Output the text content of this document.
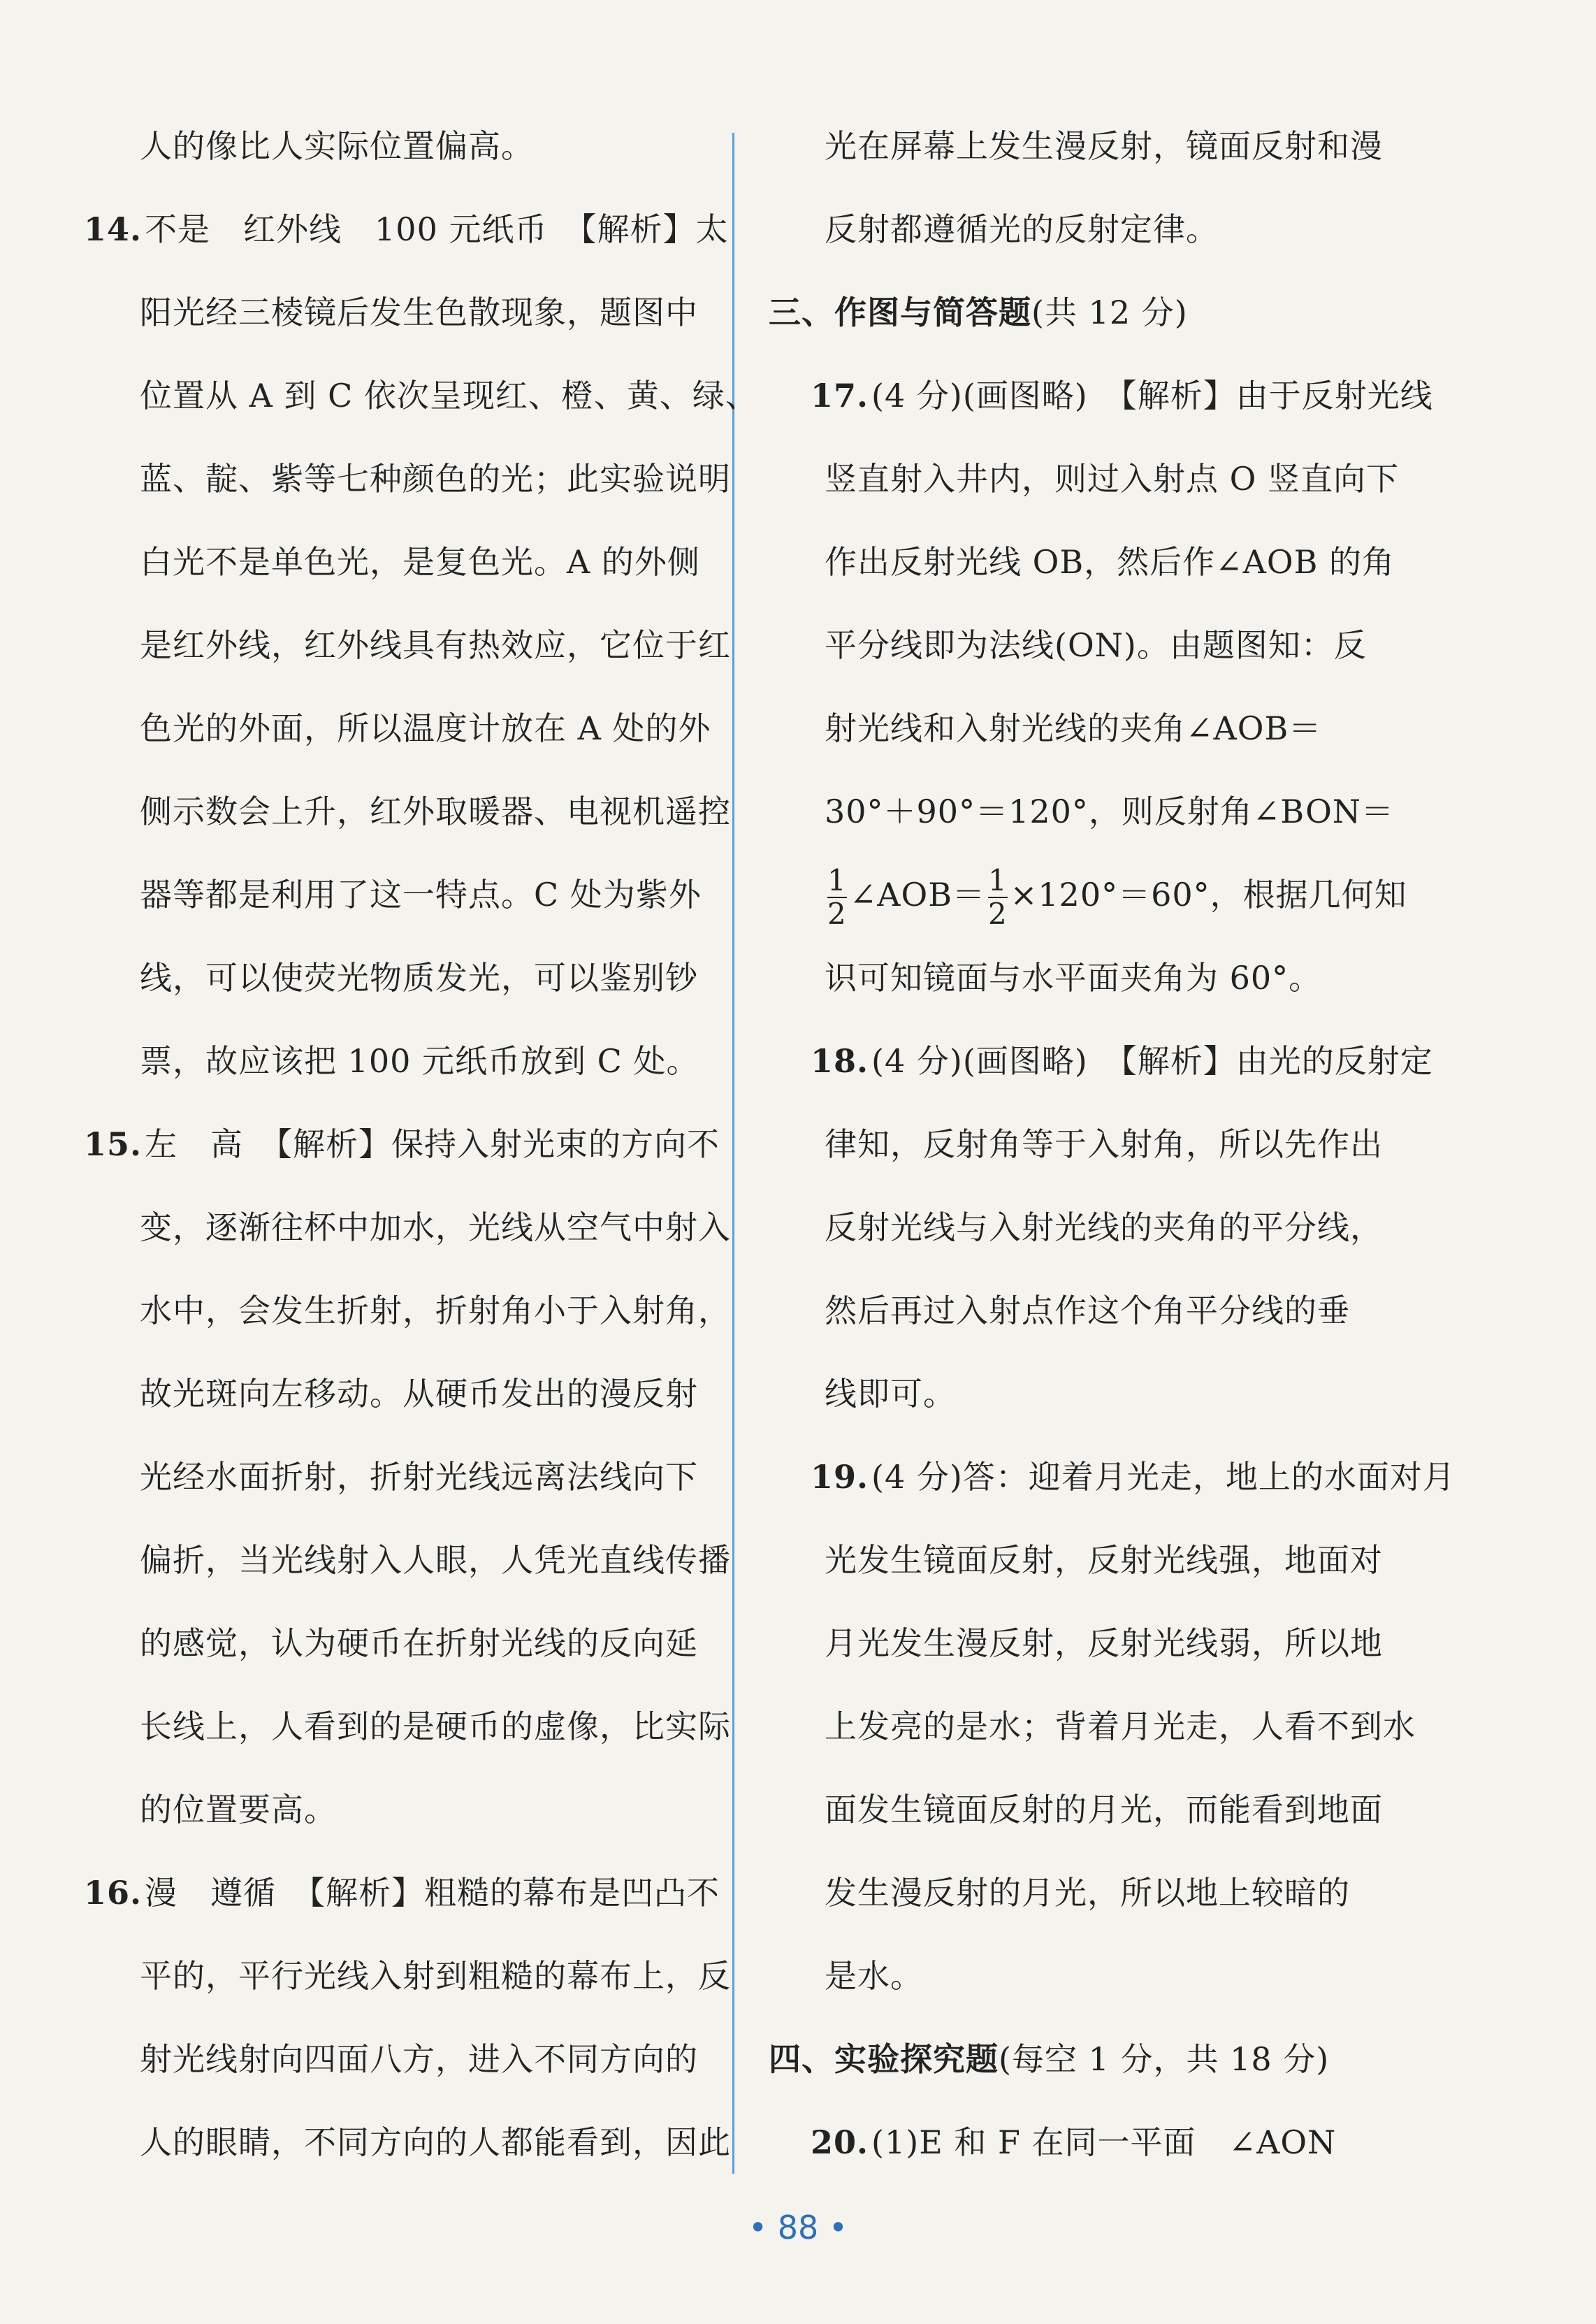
人的像比人实际位置偏高。
14.不是　红外线　100 元纸币　【解析】太
阳光经三棱镜后发生色散现象，题图中
位置从 A 到 C 依次呈现红、橙、黄、绿、
蓝、靛、紫等七种颜色的光；此实验说明
白光不是单色光，是复色光。A 的外侧
是红外线，红外线具有热效应，它位于红
色光的外面，所以温度计放在 A 处的外
侧示数会上升，红外取暖器、电视机遥控
器等都是利用了这一特点。C 处为紫外
线，可以使荧光物质发光，可以鉴别钞
票，故应该把 100 元纸币放到 C 处。
15.左　高　【解析】保持入射光束的方向不
变，逐渐往杯中加水，光线从空气中射入
水中，会发生折射，折射角小于入射角，
故光斑向左移动。从硬币发出的漫反射
光经水面折射，折射光线远离法线向下
偏折，当光线射入人眼，人凭光直线传播
的感觉，认为硬币在折射光线的反向延
长线上，人看到的是硬币的虚像，比实际
的位置要高。
16.漫　遵循　【解析】粗糙的幕布是凹凸不
平的，平行光线入射到粗糙的幕布上，反
射光线射向四面八方，进入不同方向的
人的眼睛，不同方向的人都能看到，因此
光在屏幕上发生漫反射，镜面反射和漫
反射都遵循光的反射定律。
三、作图与简答题(共 12 分)
17.(4 分)(画图略)　【解析】由于反射光线
竖直射入井内，则过入射点 O 竖直向下
作出反射光线 OB，然后作∠AOB 的角
平分线即为法线(ON)。由题图知：反
射光线和入射光线的夹角∠AOB＝
30°＋90°＝120°，则反射角∠BON＝
$\frac{1}{2}$ ∠AOB＝ $\frac{1}{2} \times 120^\circ=60^\circ$，根据几何知
识可知镜面与水平面夹角为 60°。
18.(4 分)(画图略)　【解析】由光的反射定
律知，反射角等于入射角，所以先作出
反射光线与入射光线的夹角的平分线，
然后再过入射点作这个角平分线的垂
线即可。
19.(4 分)答：迎着月光走，地上的水面对月
光发生镜面反射，反射光线强，地面对
月光发生漫反射，反射光线弱，所以地
上发亮的是水；背着月光走，人看不到水
面发生镜面反射的月光，而能看到地面
发生漫反射的月光，所以地上较暗的
是水。
四、实验探究题(每空 1 分，共 18 分)
20.(1)E 和 F 在同一平面　∠AON
• 88 •
